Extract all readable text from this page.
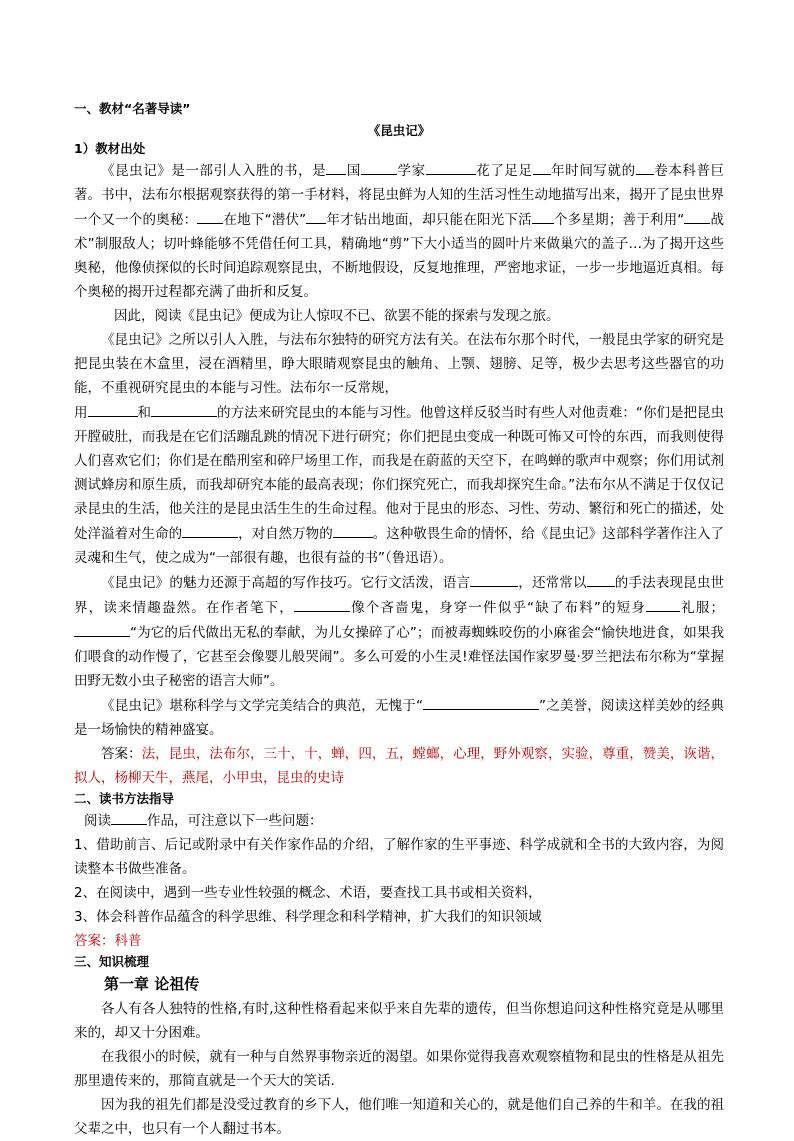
一、教材“名著导读”
《昆虫记》
1）教材出处

《昆虫记》是一部引人入胜的书，是 国	学家	花了足足 年时间写就的 卷本科普巨著。书中，法布尔根据观察获得的第一手材料，将昆虫鲜为人知的生活习性生动地描写出来，揭开了昆虫世界一个又一个的奥秘： 在地下“潜伏” 年才钻出地面，却只能在阳光下活 个多星期；善于利用“ 战术”制服敌人；切叶蜂能够不凭借任何工具，精确地“剪”下大小适当的圆叶片来做巢穴的盖子…为了揭开这些奥秘，他像侦探似的长时间追踪观察昆虫，不断地假设，反复地推理，严密地求证，一步一步地逼近真相。每个奥秘的揭开过程都充满了曲折和反复。

因此，阅读《昆虫记》便成为让人惊叹不已、欲罢不能的探索与发现之旅。

《昆虫记》之所以引人入胜，与法布尔独特的研究方法有关。在法布尔那个时代，一般昆虫学家的研究是把昆虫装在木盒里，浸在酒精里，睁大眼睛观察昆虫的触角、上颚、翅膀、足等，极少去思考这些器官的功能，不重视研究昆虫的本能与习性。法布尔一反常规，
用	和	的方法来研究昆虫的本能与习性。他曾这样反驳当时有些人对他责难：“你们是把昆虫开膛破肚，而我是在它们活蹦乱跳的情况下进行研究；你们把昆虫变成一种既可怖又可怜的东西，而我则使得人们喜欢它们；你们是在酷刑室和碎尸场里工作，而我是在蔚蓝的天空下，在鸣蝉的歌声中观察；你们用试剂测试蜂房和原生质，而我却研究本能的最高表现；你们探究死亡，而我却探究生命。”法布尔从不满足于仅仅记录昆虫的生活，他关注的是昆虫活生生的生命过程。他对于昆虫的形态、习性、劳动、繁衍和死亡的描述，处处洋溢着对生命的	，对自然万物的	。这种敬畏生命的情怀，给《昆虫记》这部科学著作注入了灵魂和生气，使之成为“一部很有趣，也很有益的书”（鲁迅语）。

《昆虫记》的魅力还源于高超的写作技巧。它行文活泼，语言	，还常常以 的手法表现昆虫世界，读来情趣盎然。在作者笔下，	像个吝啬鬼，身穿一件似乎“缺了布料”的短身	礼服；“为它的后代做出无私的奉献，为儿女操碎了心”；而被毒蜘蛛咬伤的小麻雀会“愉快地进食，如果我们喂食的动作慢了，它甚至会像婴儿般哭闹”。多么可爱的小生灵!难怪法国作家罗曼·罗兰把法布尔称为“掌握田野无数小虫子秘密的语言大师”。

《昆虫记》堪称科学与文学完美结合的典范，无愧于“	”之美誉，阅读这样美妙的经典是一场愉快的精神盛宴。

答案：法，昆虫，法布尔，三十，十，蝉，四，五，螳螂，心理，野外观察，实验，尊重，赞美，诙谐，拟人，杨柳天牛，燕尾，小甲虫，昆虫的史诗

二、读书方法指导

阅读	作品，可注意以下一些问题：

1、借助前言、后记或附录中有关作家作品的介绍，了解作家的生平事迹、科学成就和全书的大致内容，为阅读整本书做些准备。

2、在阅读中，遇到一些专业性较强的概念、术语，要查找工具书或相关资料，

3、体会科普作品蕴含的科学思维、科学理念和科学精神，扩大我们的知识领域

答案：科普

三、知识梳理
第一章 论祖传

各人有各人独特的性格,有时,这种性格看起来似乎来自先辈的遗传，但当你想追问这种性格究竟是从哪里来的，却又十分困难。

在我很小的时候，就有一种与自然界事物亲近的渴望。如果你觉得我喜欢观察植物和昆虫的性格是从祖先那里遗传来的，那简直就是一个天大的笑话.

因为我的祖先们都是没受过教育的乡下人，他们唯一知道和关心的，就是他们自己养的牛和羊。在我的祖父辈之中，也只有一个人翻过书本。
